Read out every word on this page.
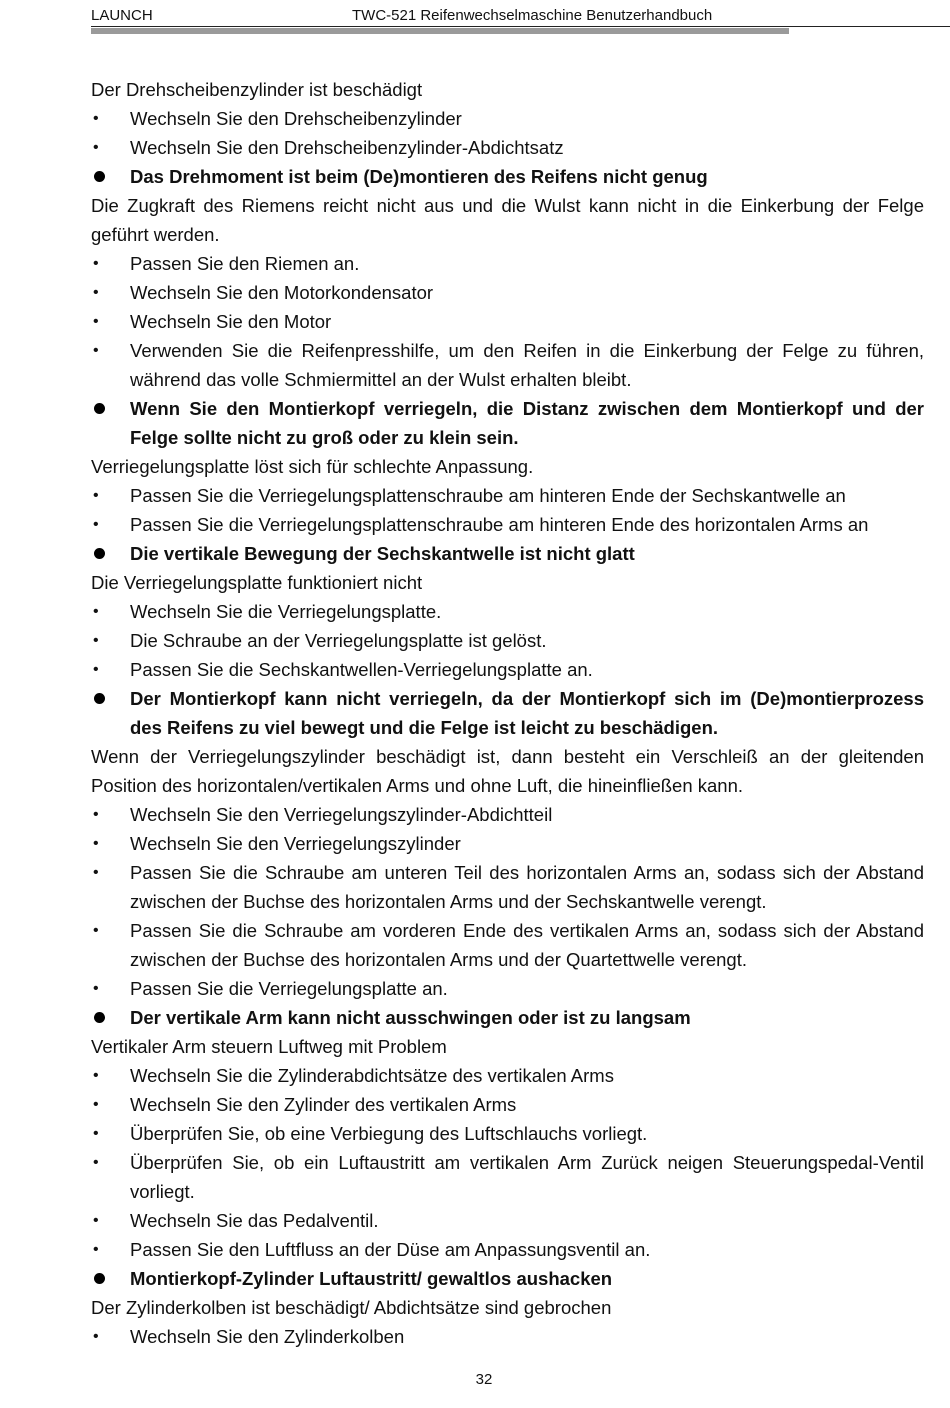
LAUNCH	TWC-521 Reifenwechselmaschine Benutzerhandbuch

Der Drehscheibenzylinder ist beschädigt

•	Wechseln Sie den Drehscheibenzylinder
•	Wechseln Sie den Drehscheibenzylinder-Abdichtsatz
Das Drehmoment ist beim (De)montieren des Reifens nicht genug

Die Zugkraft des Riemens reicht nicht aus und die Wulst kann nicht in die Einkerbung der Felge geführt werden.

•	Passen Sie den Riemen an.
•	Wechseln Sie den Motorkondensator
•	Wechseln Sie den Motor
•	Verwenden Sie die Reifenpresshilfe, um den Reifen in die Einkerbung der Felge zu führen, während das volle Schmiermittel an der Wulst erhalten bleibt.
Wenn Sie den Montierkopf verriegeln, die Distanz zwischen dem Montierkopf und der Felge sollte nicht zu groß oder zu klein sein.

Verriegelungsplatte löst sich für schlechte Anpassung.

•	Passen Sie die Verriegelungsplattenschraube am hinteren Ende der Sechskantwelle an
•	Passen Sie die Verriegelungsplattenschraube am hinteren Ende des horizontalen Arms an
Die vertikale Bewegung der Sechskantwelle ist nicht glatt

Die Verriegelungsplatte funktioniert nicht

•	Wechseln Sie die Verriegelungsplatte.
•	Die Schraube an der Verriegelungsplatte ist gelöst.
•	Passen Sie die Sechskantwellen-Verriegelungsplatte an.
Der Montierkopf kann nicht verriegeln, da der Montierkopf sich im (De)montierprozess des Reifens zu viel bewegt und die Felge ist leicht zu beschädigen.

Wenn der Verriegelungszylinder beschädigt ist, dann besteht ein Verschleiß an der gleitenden Position des horizontalen/vertikalen Arms und ohne Luft, die hineinfließen kann.

•	Wechseln Sie den Verriegelungszylinder-Abdichtteil
•	Wechseln Sie den Verriegelungszylinder
•	Passen Sie die Schraube am unteren Teil des horizontalen Arms an, sodass sich der Abstand zwischen der Buchse des horizontalen Arms und der Sechskantwelle verengt.
•	Passen Sie die Schraube am vorderen Ende des vertikalen Arms an, sodass sich der Abstand zwischen der Buchse des horizontalen Arms und der Quartettwelle verengt.
•	Passen Sie die Verriegelungsplatte an.
Der vertikale Arm kann nicht ausschwingen oder ist zu langsam

Vertikaler Arm steuern Luftweg mit Problem

•	Wechseln Sie die Zylinderabdichtsätze des vertikalen Arms
•	Wechseln Sie den Zylinder des vertikalen Arms
•	Überprüfen Sie, ob eine Verbiegung des Luftschlauchs vorliegt.
•	Überprüfen Sie, ob ein Luftaustritt am vertikalen Arm Zurück neigen Steuerungspedal-Ventil vorliegt.
•	Wechseln Sie das Pedalventil.
•	Passen Sie den Luftfluss an der Düse am Anpassungsventil an.
Montierkopf-Zylinder Luftaustritt/ gewaltlos aushacken

Der Zylinderkolben ist beschädigt/ Abdichtsätze sind gebrochen

•	Wechseln Sie den Zylinderkolben
32
